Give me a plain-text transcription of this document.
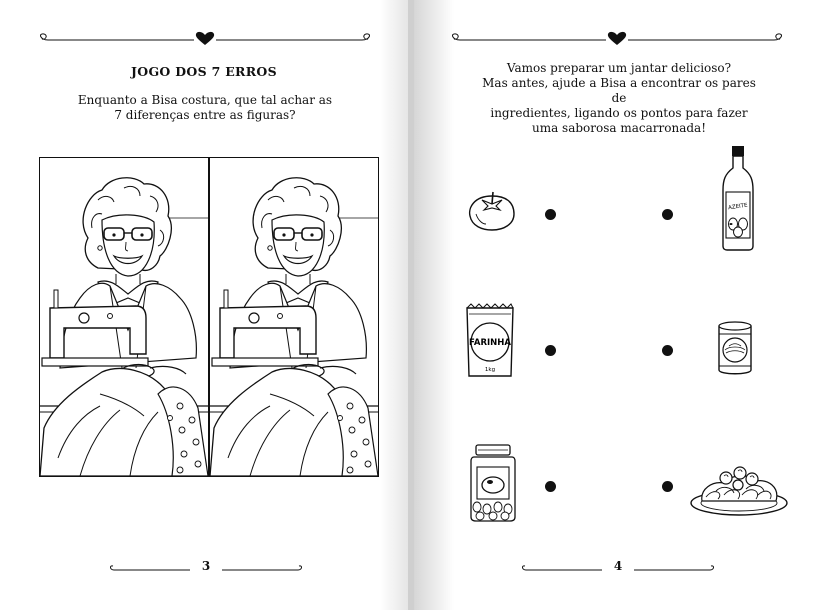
JOGO DOS 7 ERROS
Enquanto a Bisa costura, que tal achar as
7 diferenças entre as figuras?
3
Vamos preparar um jantar delicioso?
Mas antes, ajude a Bisa a encontrar os pares de
ingredientes, ligando os pontos para fazer
uma saborosa macarronada!
FARINHA
1kg
AZEITE
4
